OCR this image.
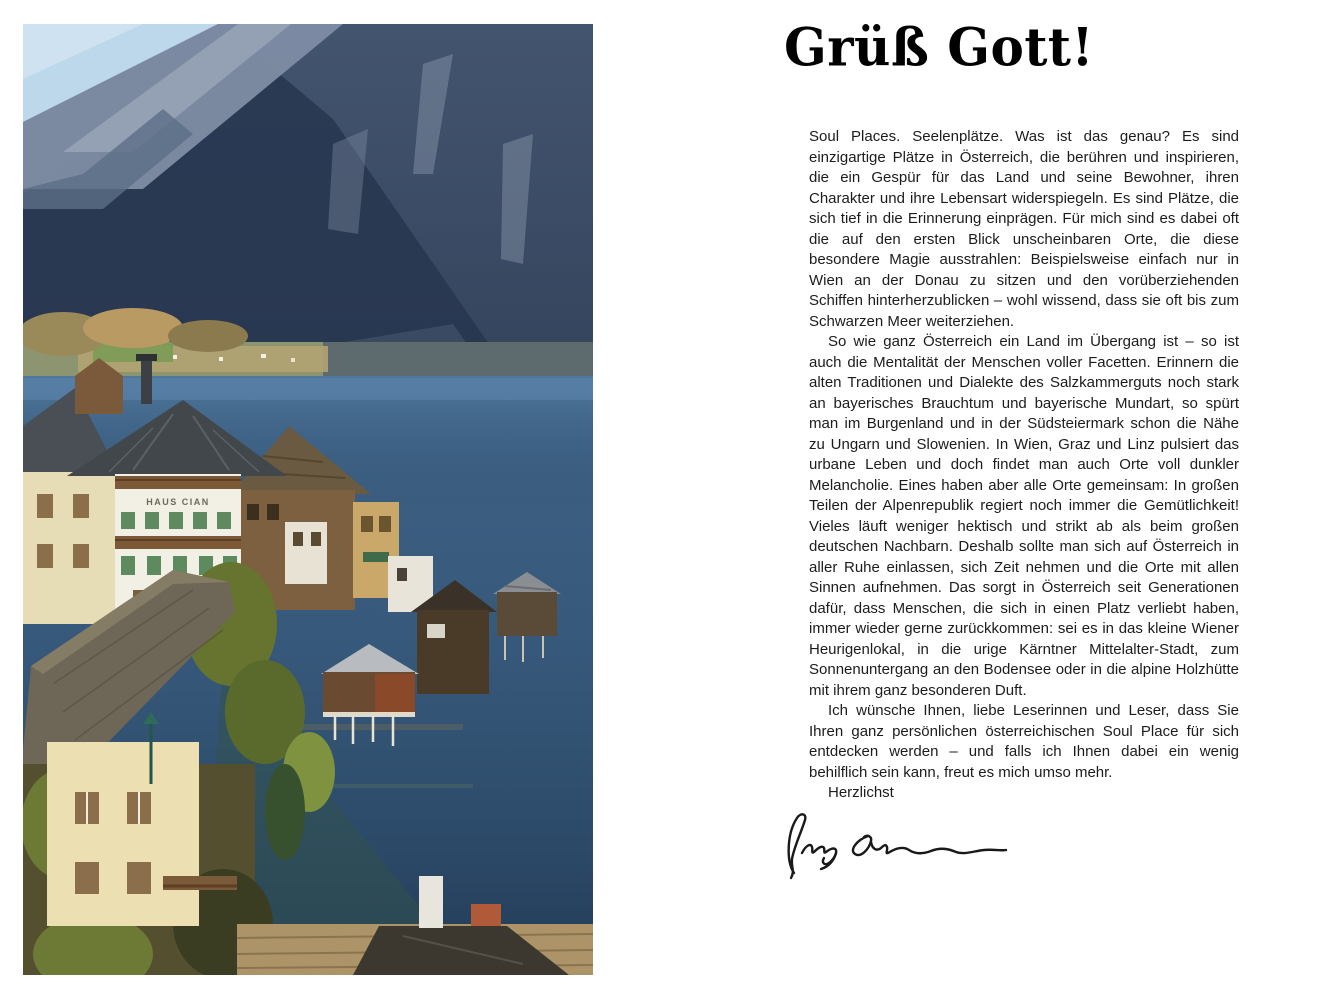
HAUS CIAN
Grüß Gott!

Soul Places. Seelenplätze. Was ist das genau? Es sind einzigartige Plätze in Österreich, die berühren und inspirieren, die ein Gespür für das Land und seine Bewohner, ihren Charakter und ihre Lebensart widerspiegeln. Es sind Plätze, die sich tief in die Erinnerung einprägen. Für mich sind es dabei oft die auf den ersten Blick unscheinbaren Orte, die diese besondere Magie ausstrahlen: Beispielsweise einfach nur in Wien an der Donau zu sitzen und den vorüberziehenden Schiffen hinterherzublicken – wohl wissend, dass sie oft bis zum Schwarzen Meer weiterziehen.

So wie ganz Österreich ein Land im Übergang ist – so ist auch die Mentalität der Menschen voller Facetten. Erinnern die alten Traditionen und Dialekte des Salzkammerguts noch stark an bayerisches Brauchtum und bayerische Mundart, so spürt man im Burgenland und in der Südsteiermark schon die Nähe zu Ungarn und Slowenien. In Wien, Graz und Linz pulsiert das urbane Leben und doch findet man auch Orte voll dunkler Melancholie. Eines haben aber alle Orte gemeinsam: In großen Teilen der Alpenrepublik regiert noch immer die Gemütlichkeit! Vieles läuft weniger hektisch und strikt ab als beim großen deutschen Nachbarn. Deshalb sollte man sich auf Österreich in aller Ruhe einlassen, sich Zeit nehmen und die Orte mit allen Sinnen aufnehmen. Das sorgt in Österreich seit Generationen dafür, dass Menschen, die sich in einen Platz verliebt haben, immer wieder gerne zurückkommen: sei es in das kleine Wiener Heurigenlokal, in die urige Kärntner Mittelalter-Stadt, zum Sonnenuntergang an den Bodensee oder in die alpine Holzhütte mit ihrem ganz besonderen Duft.

Ich wünsche Ihnen, liebe Leserinnen und Leser, dass Sie Ihren ganz persönlichen österreichischen Soul Place für sich entdecken werden – und falls ich Ihnen dabei ein wenig behilflich sein kann, freut es mich umso mehr.

Herzlichst
